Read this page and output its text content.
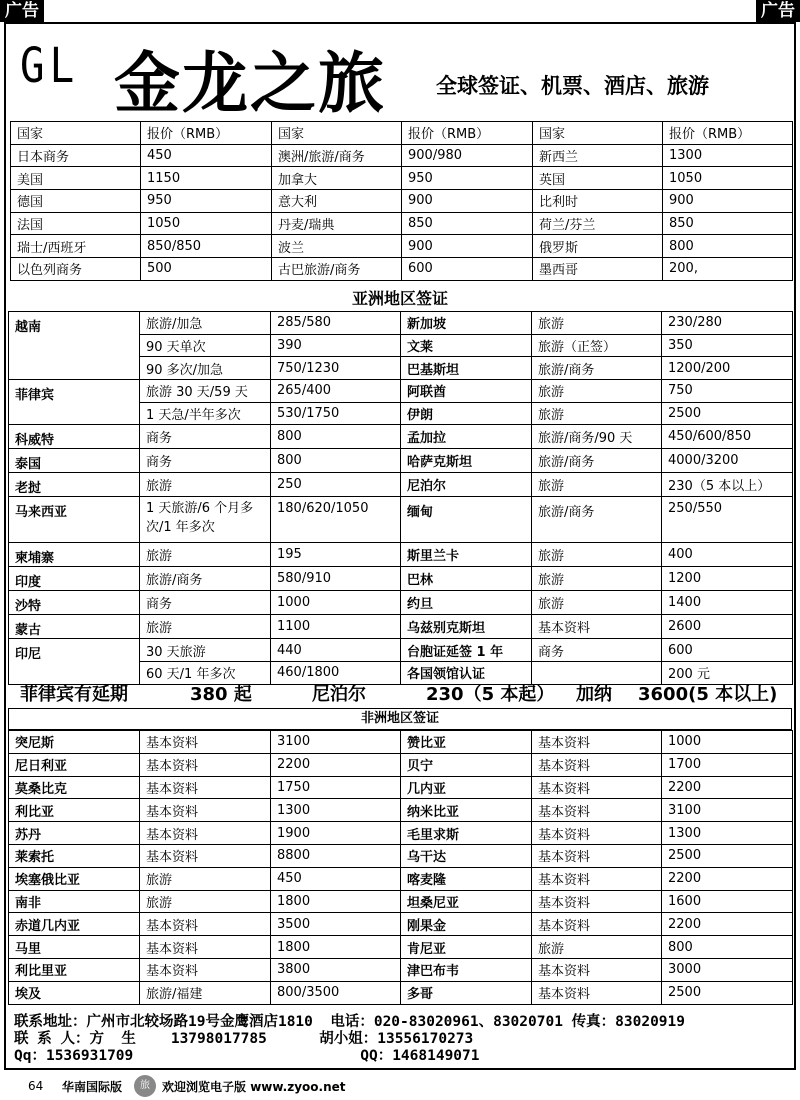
广告	广告
GL 金龙之旅 全球签证、机票、酒店、旅游
国家	报价（RMB）	国家	报价（RMB）	国家	报价（RMB）
日本商务	450	澳洲/旅游/商务	900/980	新西兰	1300
美国	1150	加拿大	950	英国	1050
德国	950	意大利	900	比利时	900
法国	1050	丹麦/瑞典	850	荷兰/芬兰	850
瑞士/西班牙	850/850	波兰	900	俄罗斯	800
以色列商务	500	古巴旅游/商务	600	墨西哥	200,
亚洲地区签证
越南	旅游/加急	285/580	新加坡	旅游	230/280
	90 天单次	390	文莱	旅游（正签）	350
	90 多次/加急	750/1230	巴基斯坦	旅游/商务	1200/200
菲律宾	旅游 30 天/59 天	265/400	阿联酋	旅游	750
	1 天急/半年多次	530/1750	伊朗	旅游	2500
科威特	商务	800	孟加拉	旅游/商务/90 天	450/600/850
泰国	商务	800	哈萨克斯坦	旅游/商务	4000/3200
老挝	旅游	250	尼泊尔	旅游	230（5 本以上）
马来西亚	1 天旅游/6 个月多次/1 年多次	180/620/1050	缅甸	旅游/商务	250/550
柬埔寨	旅游	195	斯里兰卡	旅游	400
印度	旅游/商务	580/910	巴林	旅游	1200
沙特	商务	1000	约旦	旅游	1400
蒙古	旅游	1100	乌兹别克斯坦	基本资料	2600
印尼	30 天旅游	440	台胞证延签 1 年	商务	600
	60 天/1 年多次	460/1800	各国领馆认证		200 元
菲律宾有延期	380 起	尼泊尔	230（5 本起）	加纳	3600(5 本以上)
非洲地区签证
突尼斯	基本资料	3100	赞比亚	基本资料	1000
尼日利亚	基本资料	2200	贝宁	基本资料	1700
莫桑比克	基本资料	1750	几内亚	基本资料	2200
利比亚	基本资料	1300	纳米比亚	基本资料	3100
苏丹	基本资料	1900	毛里求斯	基本资料	1300
莱索托	基本资料	8800	乌干达	基本资料	2500
埃塞俄比亚	旅游	450	喀麦隆	基本资料	2200
南非	旅游	1800	坦桑尼亚	基本资料	1600
赤道几内亚	基本资料	3500	刚果金	基本资料	2200
马里	基本资料	1800	肯尼亚	旅游	800
利比里亚	基本资料	3800	津巴布韦	基本资料	3000
埃及	旅游/福建	800/3500	多哥	基本资料	2500
联系地址：广州市北较场路19号金鹰酒店1810  电话：020-83020961、83020701 传真：83020919
联 系 人：方  生    13798017785      胡小姐：13556170273
Qq：1536931709                          QQ：1468149071
64	华南国际版	旅	欢迎浏览电子版 www.zyoo.net
